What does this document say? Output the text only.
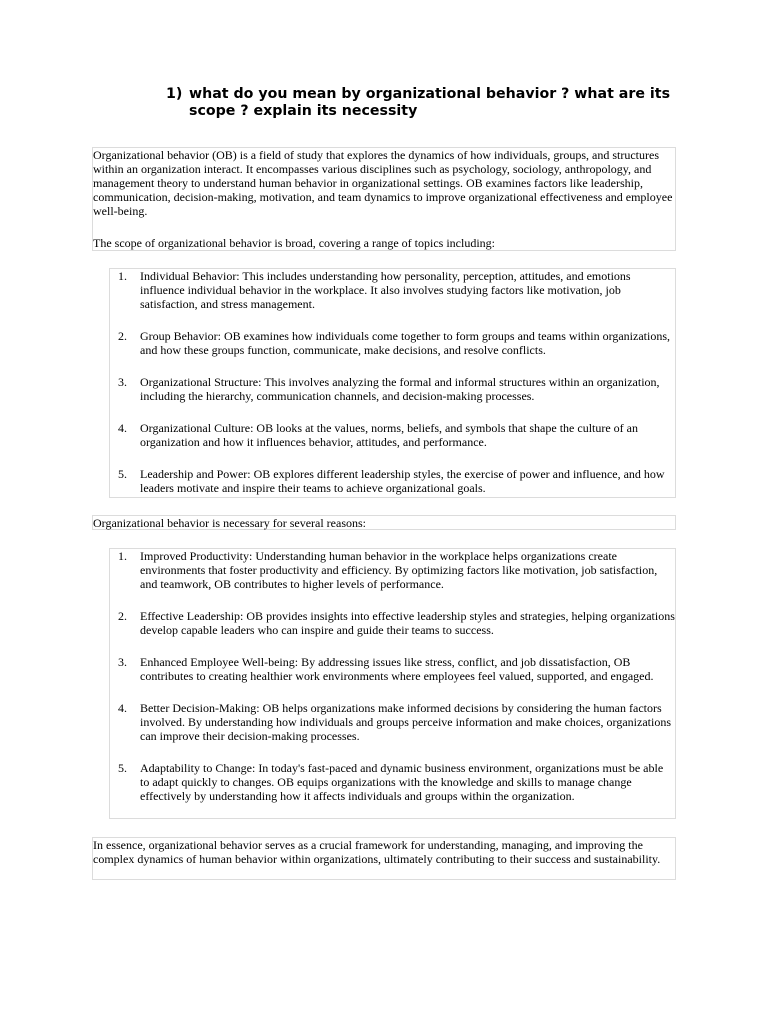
1) what do you mean by organizational behavior ? what are its scope ? explain its necessity

Organizational behavior (OB) is a field of study that explores the dynamics of how individuals, groups, and structures within an organization interact. It encompasses various disciplines such as psychology, sociology, anthropology, and management theory to understand human behavior in organizational settings. OB examines factors like leadership, communication, decision-making, motivation, and team dynamics to improve organizational effectiveness and employee well-being.

The scope of organizational behavior is broad, covering a range of topics including:

1. Individual Behavior: This includes understanding how personality, perception, attitudes, and emotions influence individual behavior in the workplace. It also involves studying factors like motivation, job satisfaction, and stress management.
2. Group Behavior: OB examines how individuals come together to form groups and teams within organizations, and how these groups function, communicate, make decisions, and resolve conflicts.
3. Organizational Structure: This involves analyzing the formal and informal structures within an organization, including the hierarchy, communication channels, and decision-making processes.
4. Organizational Culture: OB looks at the values, norms, beliefs, and symbols that shape the culture of an organization and how it influences behavior, attitudes, and performance.
5. Leadership and Power: OB explores different leadership styles, the exercise of power and influence, and how leaders motivate and inspire their teams to achieve organizational goals.

Organizational behavior is necessary for several reasons:

1. Improved Productivity: Understanding human behavior in the workplace helps organizations create environments that foster productivity and efficiency. By optimizing factors like motivation, job satisfaction, and teamwork, OB contributes to higher levels of performance.
2. Effective Leadership: OB provides insights into effective leadership styles and strategies, helping organizations develop capable leaders who can inspire and guide their teams to success.
3. Enhanced Employee Well-being: By addressing issues like stress, conflict, and job dissatisfaction, OB contributes to creating healthier work environments where employees feel valued, supported, and engaged.
4. Better Decision-Making: OB helps organizations make informed decisions by considering the human factors involved. By understanding how individuals and groups perceive information and make choices, organizations can improve their decision-making processes.
5. Adaptability to Change: In today's fast-paced and dynamic business environment, organizations must be able to adapt quickly to changes. OB equips organizations with the knowledge and skills to manage change effectively by understanding how it affects individuals and groups within the organization.

In essence, organizational behavior serves as a crucial framework for understanding, managing, and improving the complex dynamics of human behavior within organizations, ultimately contributing to their success and sustainability.
